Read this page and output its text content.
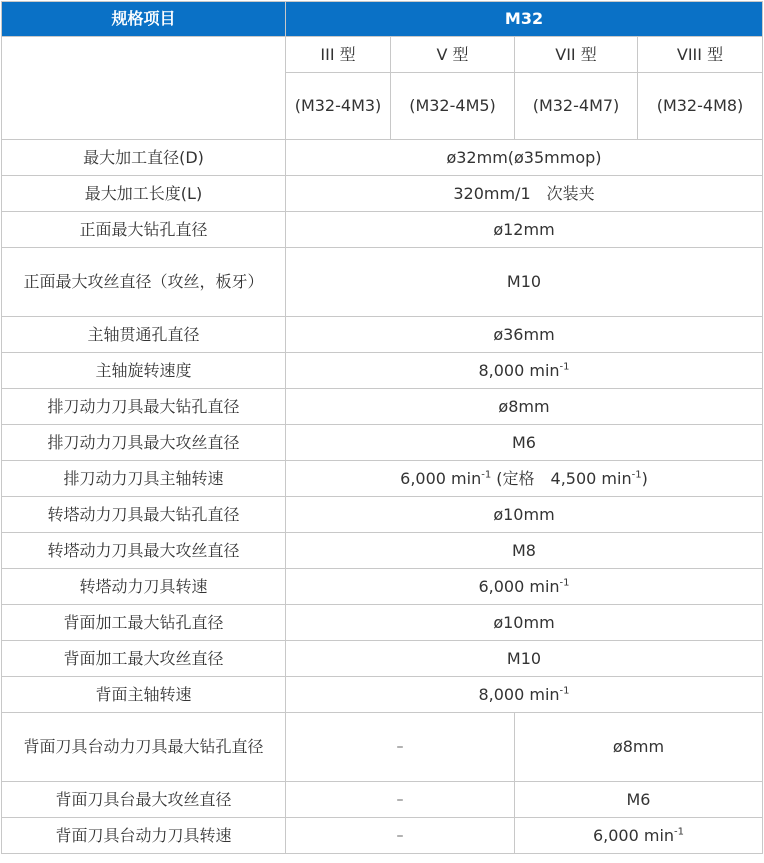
规格项目	M32			
	III 型	V 型	VII 型	VIII 型
	(M32-4M3)	(M32-4M5)	(M32-4M7)	(M32-4M8)
最大加工直径(D)	ø32mm(ø35mmop)			
最大加工长度(L)	320mm/1　次装夹			
正面最大钻孔直径	ø12mm			
正面最大攻丝直径（攻丝，板牙）	M10			
主轴贯通孔直径	ø36mm			
主轴旋转速度	8,000 $\min^{-1}$
排刀动力刀具最大钻孔直径	ø8mm			
排刀动力刀具最大攻丝直径	M6			
排刀动力刀具主轴转速	6,000 $\min^{-1}$ (定格　4,500 $\min^{-1}$)			
转塔动力刀具最大钻孔直径	ø10mm			
转塔动力刀具最大攻丝直径	M8			
转塔动力刀具转速	6,000 $\min^{-1}$
背面加工最大钻孔直径	ø10mm			
背面加工最大攻丝直径	M10			
背面主轴转速	8,000 $\min^{-1}$
背面刀具台动力刀具最大钻孔直径	–		ø8mm	
背面刀具台最大攻丝直径	–		M6	
背面刀具台动力刀具转速	–		6,000 $\min^{-1}$
